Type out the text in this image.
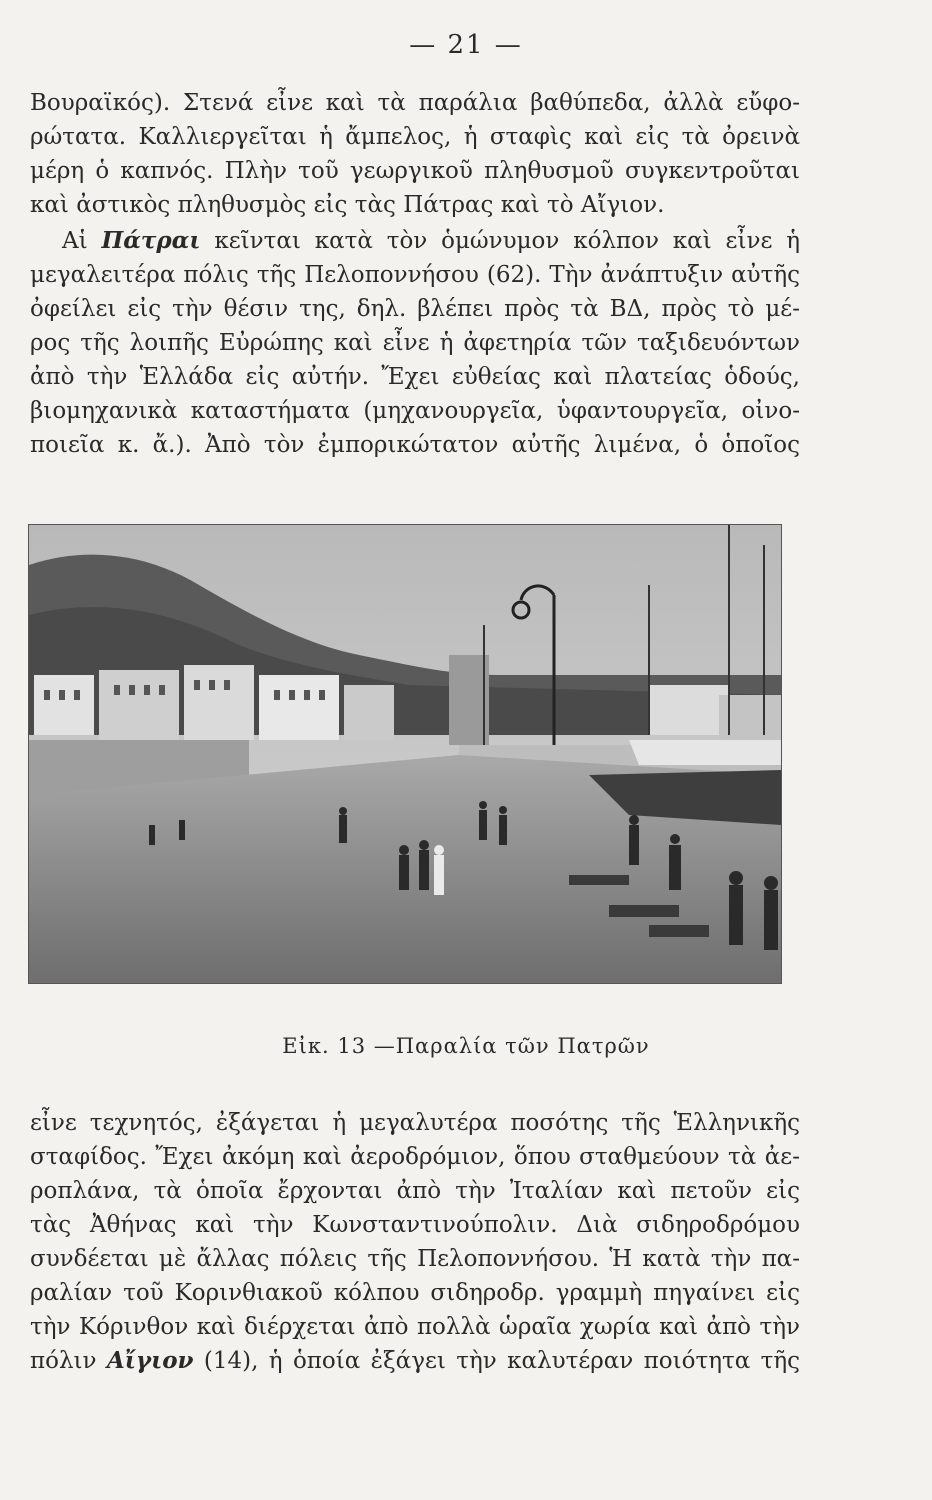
— 21 —
Βουραϊκός). Στενά εἶνε καὶ τὰ παράλια βαθύπεδα, ἀλλὰ εὔφο-
ρώτατα. Καλλιεργεῖται ἡ ἄμπελος, ἡ σταφὶς καὶ εἰς τὰ ὀρεινὰ
μέρη ὁ καπνός. Πλὴν τοῦ γεωργικοῦ πληθυσμοῦ συγκεντροῦται
καὶ ἀστικὸς πληθυσμὸς εἰς τὰς Πάτρας καὶ τὸ Αἴγιον.
Αἱ Πάτραι κεῖνται κατὰ τὸν ὁμώνυμον κόλπον καὶ εἶνε ἡ
μεγαλειτέρα πόλις τῆς Πελοποννήσου (62). Τὴν ἀνάπτυξιν αὐτῆς
ὀφείλει εἰς τὴν θέσιν της, δηλ. βλέπει πρὸς τὰ ΒΔ, πρὸς τὸ μέ-
ρος τῆς λοιπῆς Εὐρώπης καὶ εἶνε ἡ ἀφετηρία τῶν ταξιδευόντων
ἀπὸ τὴν Ἑλλάδα εἰς αὐτήν. Ἔχει εὐθείας καὶ πλατείας ὁδούς,
βιομηχανικὰ καταστήματα (μηχανουργεῖα, ὑφαντουργεῖα, οἰνο-
ποιεῖα κ. ἄ.). Ἀπὸ τὸν ἐμπορικώτατον αὐτῆς λιμένα, ὁ ὁποῖος
Εἰκ. 13 —Παραλία τῶν Πατρῶν
εἶνε τεχνητός, ἐξάγεται ἡ μεγαλυτέρα ποσότης τῆς Ἑλληνικῆς
σταφίδος. Ἔχει ἀκόμη καὶ ἀεροδρόμιον, ὅπου σταθμεύουν τὰ ἀε-
ροπλάνα, τὰ ὁποῖα ἔρχονται ἀπὸ τὴν Ἰταλίαν καὶ πετοῦν εἰς
τὰς Ἀθήνας καὶ τὴν Κωνσταντινούπολιν. Διὰ σιδηροδρόμου
συνδέεται μὲ ἄλλας πόλεις τῆς Πελοποννήσου. Ἡ κατὰ τὴν πα-
ραλίαν τοῦ Κορινθιακοῦ κόλπου σιδηροδρ. γραμμὴ πηγαίνει εἰς
τὴν Κόρινθον καὶ διέρχεται ἀπὸ πολλὰ ὡραῖα χωρία καὶ ἀπὸ τὴν
πόλιν Αἴγιον (14), ἡ ὁποία ἐξάγει τὴν καλυτέραν ποιότητα τῆς
